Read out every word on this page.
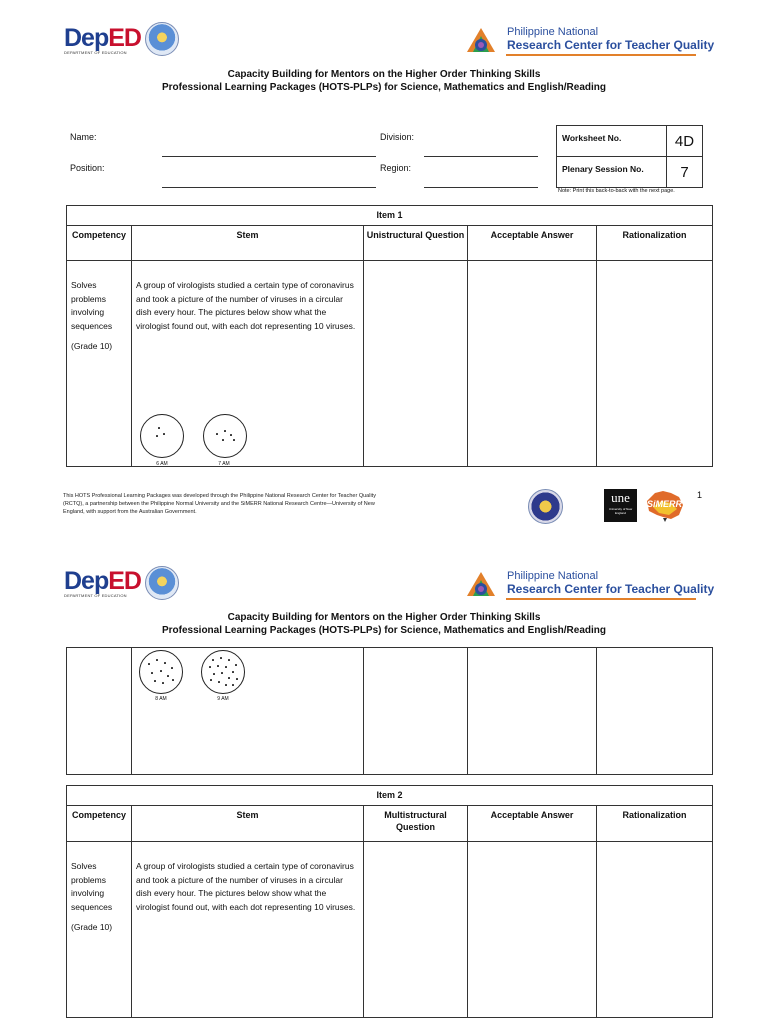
DepED
DEPARTMENT OF EDUCATION
Philippine National
Research Center for Teacher Quality
Capacity Building for Mentors on the Higher Order Thinking Skills
Professional Learning Packages (HOTS-PLPs) for Science, Mathematics and English/Reading
Name:
Position:
Division:
Region:
Worksheet No.	4D
Plenary Session No.	7
Note: Print this back-to-back with the next page.
Item 1				
Competency	Stem	Unistructural Question	Acceptable Answer	Rationalization

Solves problems involving sequences
(Grade 10)	A group of virologists studied a certain type of coronavirus and took a picture of the number of viruses in a circular dish every hour. The pictures below show what the virologist found out, with each dot representing 10 viruses.			

6 AM	7 AM
This HOTS Professional Learning Packages was developed through the Philippine National Research Center for Teacher Quality (RCTQ), a partnership between the Philippine Normal University and the SiMERR National Research Centre—University of New England, with support from the Australian Government.
une
University of New England
SiMERR
1
DepED
DEPARTMENT OF EDUCATION
Philippine National
Research Center for Teacher Quality
Capacity Building for Mentors on the Higher Order Thinking Skills
Professional Learning Packages (HOTS-PLPs) for Science, Mathematics and English/Reading

8 AM	9 AM
Item 2				
Competency	Stem	Multistructural Question	Acceptable Answer	Rationalization

Solves problems involving sequences
(Grade 10)	A group of virologists studied a certain type of coronavirus and took a picture of the number of viruses in a circular dish every hour. The pictures below show what the virologist found out, with each dot representing 10 viruses.			
